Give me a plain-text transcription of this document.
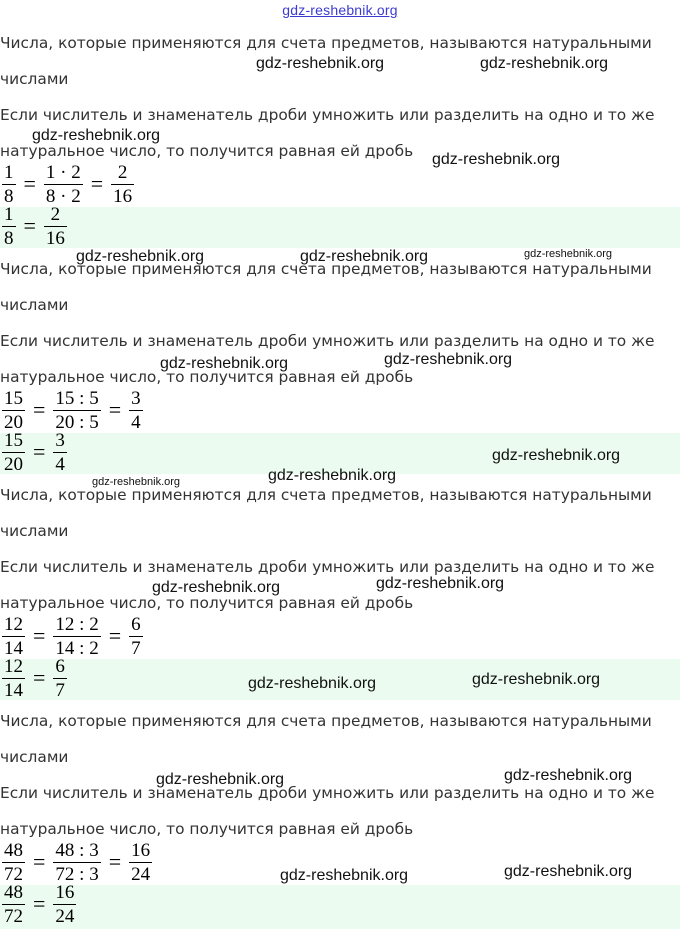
gdz-reshebnik.org
Числа, которые применяются для счета предметов, называются натуральными
числами
Если числитель и знаменатель дроби умножить или разделить на одно и то же
натуральное число, то получится равная ей дробь
$\frac{1}{8} = \frac{1 \cdot 2}{8 \cdot 2} = \frac{2}{16}$
$\frac{1}{8} = \frac{2}{16}$
Числа, которые применяются для счета предметов, называются натуральными
числами
Если числитель и знаменатель дроби умножить или разделить на одно и то же
натуральное число, то получится равная ей дробь
$\frac{15}{20} = \frac{15 : 5}{20 : 5} = \frac{3}{4}$
$\frac{15}{20} = \frac{3}{4}$
Числа, которые применяются для счета предметов, называются натуральными
числами
Если числитель и знаменатель дроби умножить или разделить на одно и то же
натуральное число, то получится равная ей дробь
$\frac{12}{14} = \frac{12 : 2}{14 : 2} = \frac{6}{7}$
$\frac{12}{14} = \frac{6}{7}$
Числа, которые применяются для счета предметов, называются натуральными
числами
Если числитель и знаменатель дроби умножить или разделить на одно и то же
натуральное число, то получится равная ей дробь
$\frac{48}{72} = \frac{48 : 3}{72 : 3} = \frac{16}{24}$
$\frac{48}{72} = \frac{16}{24}$
gdz-reshebnik.org	gdz-reshebnik.org
gdz-reshebnik.org
gdz-reshebnik.org
gdz-reshebnik.org	gdz-reshebnik.org	gdz-reshebnik.org
gdz-reshebnik.org	gdz-reshebnik.org
gdz-reshebnik.org
gdz-reshebnik.org	gdz-reshebnik.org
gdz-reshebnik.org	gdz-reshebnik.org
gdz-reshebnik.org	gdz-reshebnik.org
gdz-reshebnik.org	gdz-reshebnik.org
gdz-reshebnik.org	gdz-reshebnik.org
